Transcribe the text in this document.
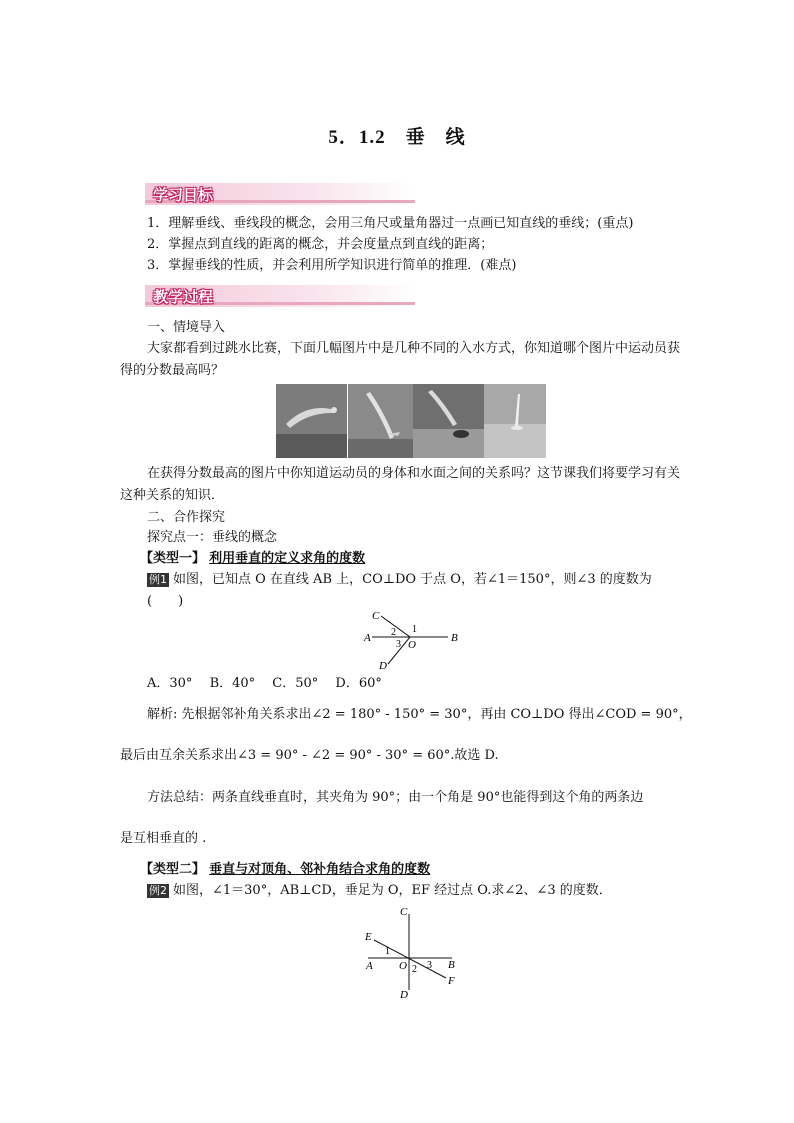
5．1.2　垂　线
学习目标
1．理解垂线、垂线段的概念，会用三角尺或量角器过一点画已知直线的垂线；(重点)
2．掌握点到直线的距离的概念，并会度量点到直线的距离；
3．掌握垂线的性质，并会利用所学知识进行简单的推理．(难点)
教学过程
一、情境导入
大家都看到过跳水比赛，下面几幅图片中是几种不同的入水方式，你知道哪个图片中运动员获得的分数最高吗？
在获得分数最高的图片中你知道运动员的身体和水面之间的关系吗？这节课我们将要学习有关这种关系的知识．
二、合作探究
探究点一：垂线的概念
【类型一】 利用垂直的定义求角的度数
例1 如图，已知点 O 在直线 AB 上，CO⊥DO 于点 O，若∠1＝150°，则∠3 的度数为(　　)
A	B
C
D
O
1
2
3
A．30°　 B．40°　 C．50°　 D．60°
解析: 先根据邻补角关系求出∠2 = 180° - 150° = 30°，再由 CO⊥DO 得出∠COD = 90°，
最后由互余关系求出∠3 = 90° - ∠2 = 90° - 30° = 60°.故选 D.
方法总结：两条直线垂直时，其夹角为 90°；由一个角是 90°也能得到这个角的两条边
是互相垂直的 .
【类型二】 垂直与对顶角、邻补角结合求角的度数
例2 如图，∠1＝30°，AB⊥CD，垂足为 O，EF 经过点 O.求∠2、∠3 的度数．
C
D
A	B
E
F
O
1
2 3
